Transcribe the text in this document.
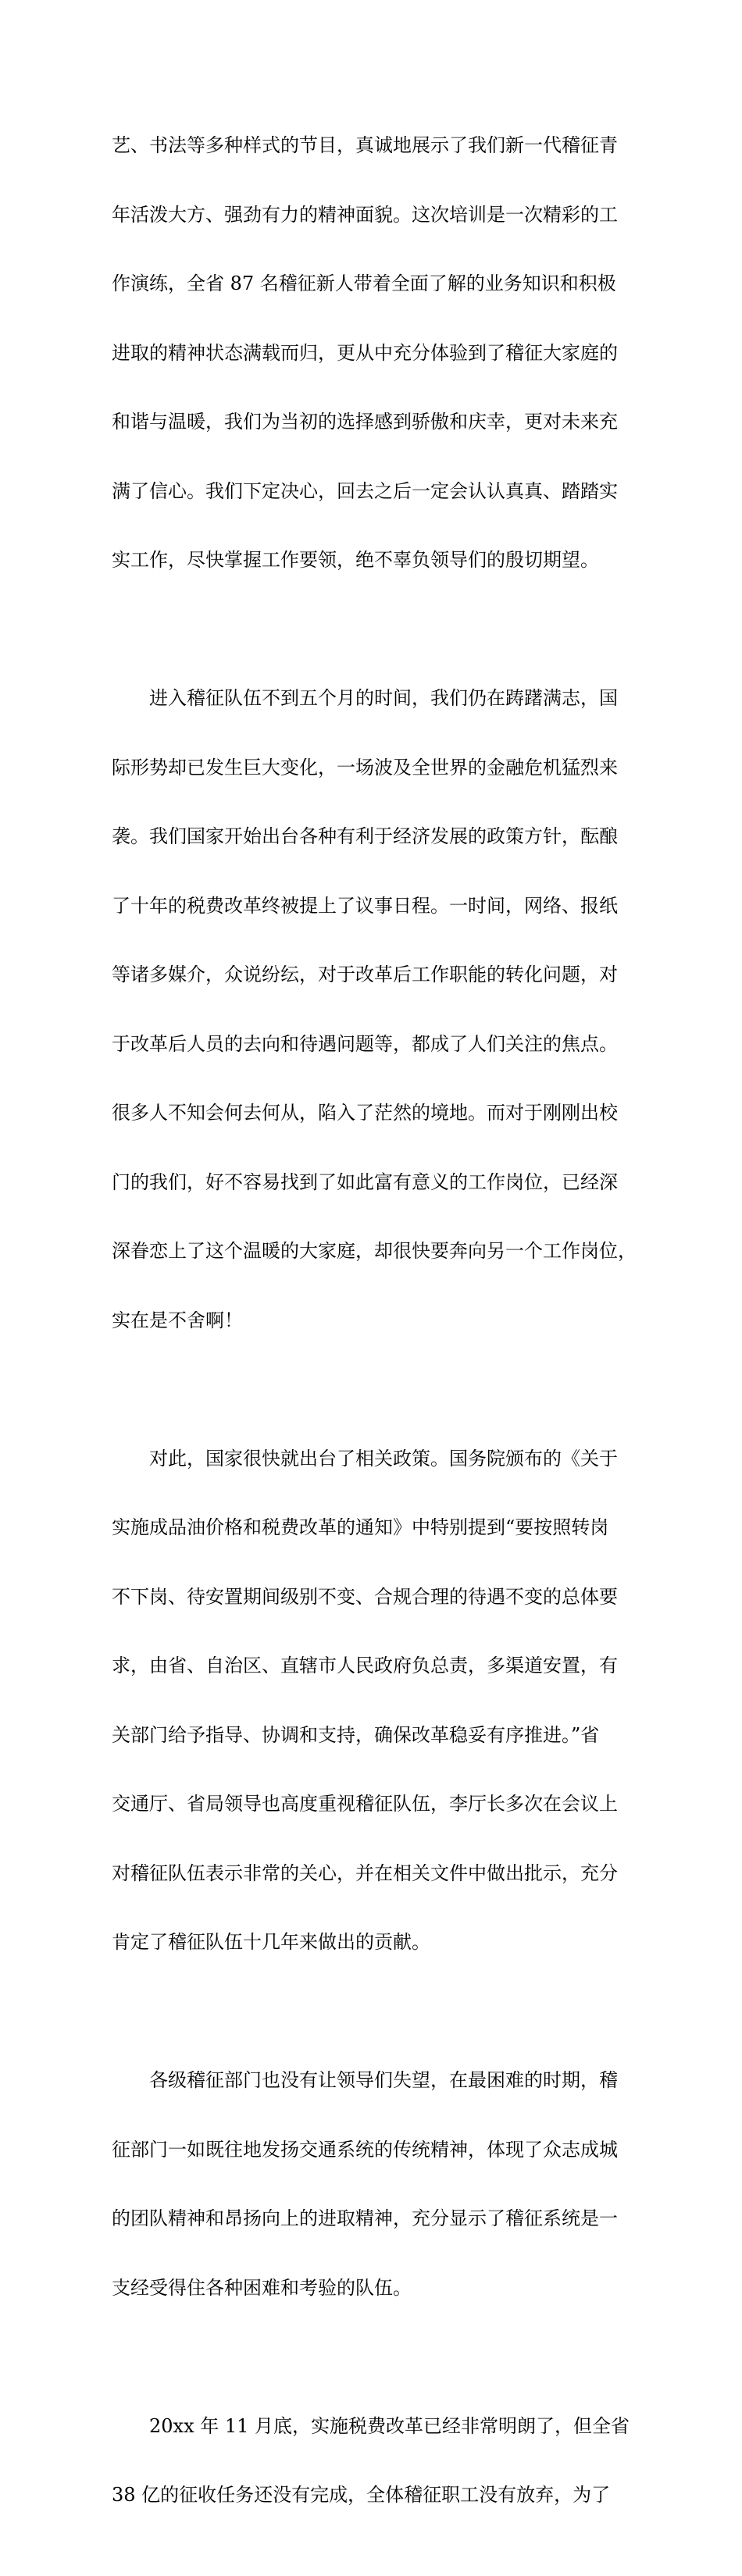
艺、书法等多种样式的节目，真诚地展示了我们新一代稽征青

年活泼大方、强劲有力的精神面貌。这次培训是一次精彩的工

作演练，全省 87 名稽征新人带着全面了解的业务知识和积极

进取的精神状态满载而归，更从中充分体验到了稽征大家庭的

和谐与温暖，我们为当初的选择感到骄傲和庆幸，更对未来充

满了信心。我们下定决心，回去之后一定会认认真真、踏踏实

实工作，尽快掌握工作要领，绝不辜负领导们的殷切期望。

进入稽征队伍不到五个月的时间，我们仍在踌躇满志，国

际形势却已发生巨大变化，一场波及全世界的金融危机猛烈来

袭。我们国家开始出台各种有利于经济发展的政策方针，酝酿

了十年的税费改革终被提上了议事日程。一时间，网络、报纸

等诸多媒介，众说纷纭，对于改革后工作职能的转化问题，对

于改革后人员的去向和待遇问题等，都成了人们关注的焦点。

很多人不知会何去何从，陷入了茫然的境地。而对于刚刚出校

门的我们，好不容易找到了如此富有意义的工作岗位，已经深

深眷恋上了这个温暖的大家庭，却很快要奔向另一个工作岗位，

实在是不舍啊！

对此，国家很快就出台了相关政策。国务院颁布的《关于

实施成品油价格和税费改革的通知》中特别提到“要按照转岗

不下岗、待安置期间级别不变、合规合理的待遇不变的总体要

求，由省、自治区、直辖市人民政府负总责，多渠道安置，有

关部门给予指导、协调和支持，确保改革稳妥有序推进。”省

交通厅、省局领导也高度重视稽征队伍，李厅长多次在会议上

对稽征队伍表示非常的关心，并在相关文件中做出批示，充分

肯定了稽征队伍十几年来做出的贡献。

各级稽征部门也没有让领导们失望，在最困难的时期，稽

征部门一如既往地发扬交通系统的传统精神，体现了众志成城

的团队精神和昂扬向上的进取精神，充分显示了稽征系统是一

支经受得住各种困难和考验的队伍。

20xx 年 11 月底，实施税费改革已经非常明朗了，但全省

38 亿的征收任务还没有完成，全体稽征职工没有放弃，为了
